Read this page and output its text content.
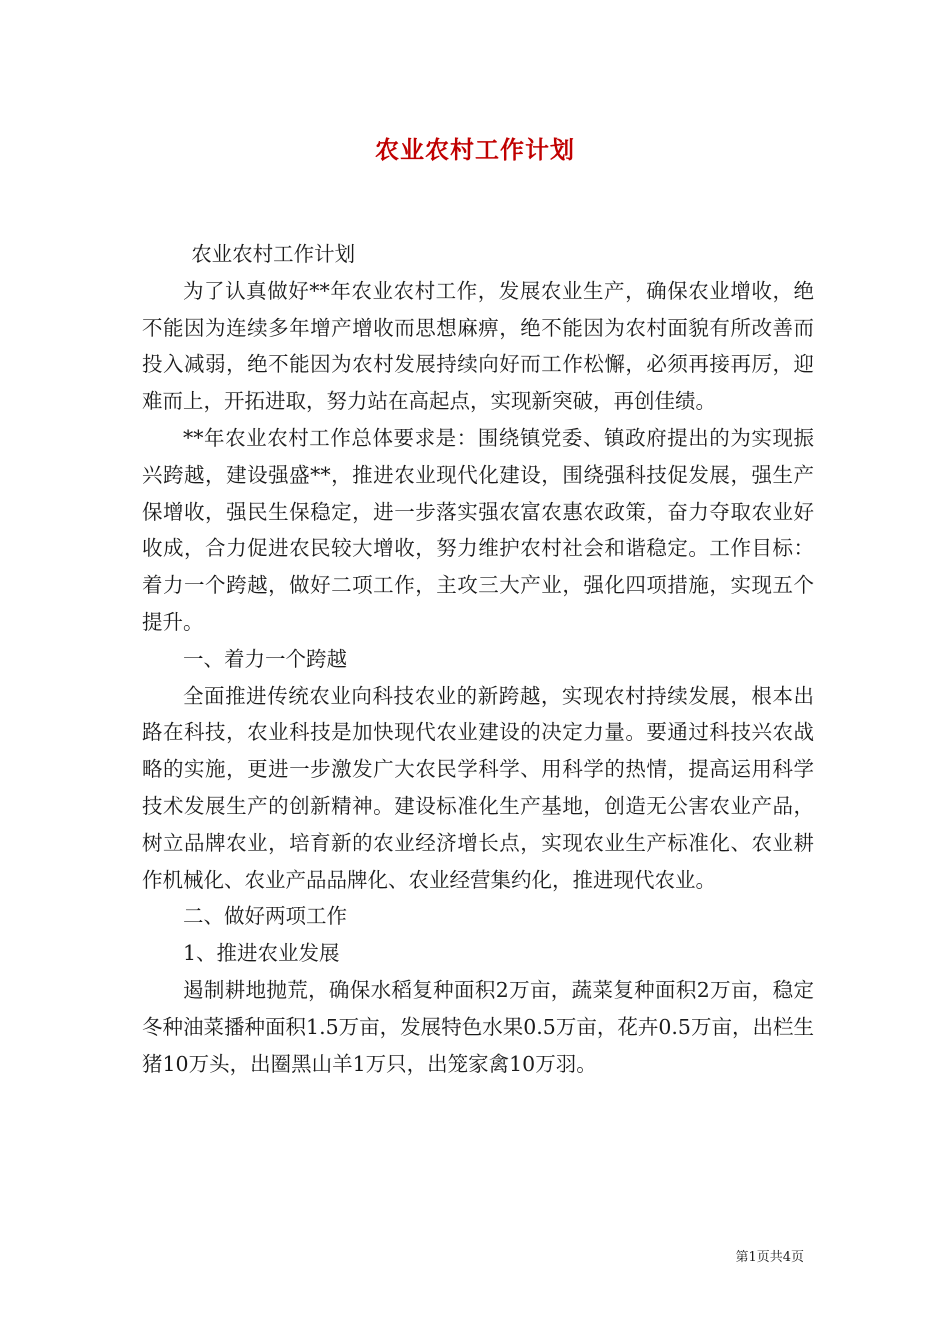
农业农村工作计划

农业农村工作计划

为了认真做好**年农业农村工作，发展农业生产，确保农业增收，绝不能因为连续多年增产增收而思想麻痹，绝不能因为农村面貌有所改善而投入减弱，绝不能因为农村发展持续向好而工作松懈，必须再接再厉，迎难而上，开拓进取，努力站在高起点，实现新突破，再创佳绩。

**年农业农村工作总体要求是：围绕镇党委、镇政府提出的为实现振兴跨越，建设强盛**，推进农业现代化建设，围绕强科技促发展，强生产保增收，强民生保稳定，进一步落实强农富农惠农政策，奋力夺取农业好收成，合力促进农民较大增收，努力维护农村社会和谐稳定。工作目标：着力一个跨越，做好二项工作，主攻三大产业，强化四项措施，实现五个提升。

一、着力一个跨越

全面推进传统农业向科技农业的新跨越，实现农村持续发展，根本出路在科技，农业科技是加快现代农业建设的决定力量。要通过科技兴农战略的实施，更进一步激发广大农民学科学、用科学的热情，提高运用科学技术发展生产的创新精神。建设标准化生产基地，创造无公害农业产品，树立品牌农业，培育新的农业经济增长点，实现农业生产标准化、农业耕作机械化、农业产品品牌化、农业经营集约化，推进现代农业。

二、做好两项工作

1、推进农业发展

遏制耕地抛荒，确保水稻复种面积2万亩，蔬菜复种面积2万亩，稳定冬种油菜播种面积1.5万亩，发展特色水果0.5万亩，花卉0.5万亩，出栏生猪10万头，出圈黑山羊1万只，出笼家禽10万羽。

第1页共4页
